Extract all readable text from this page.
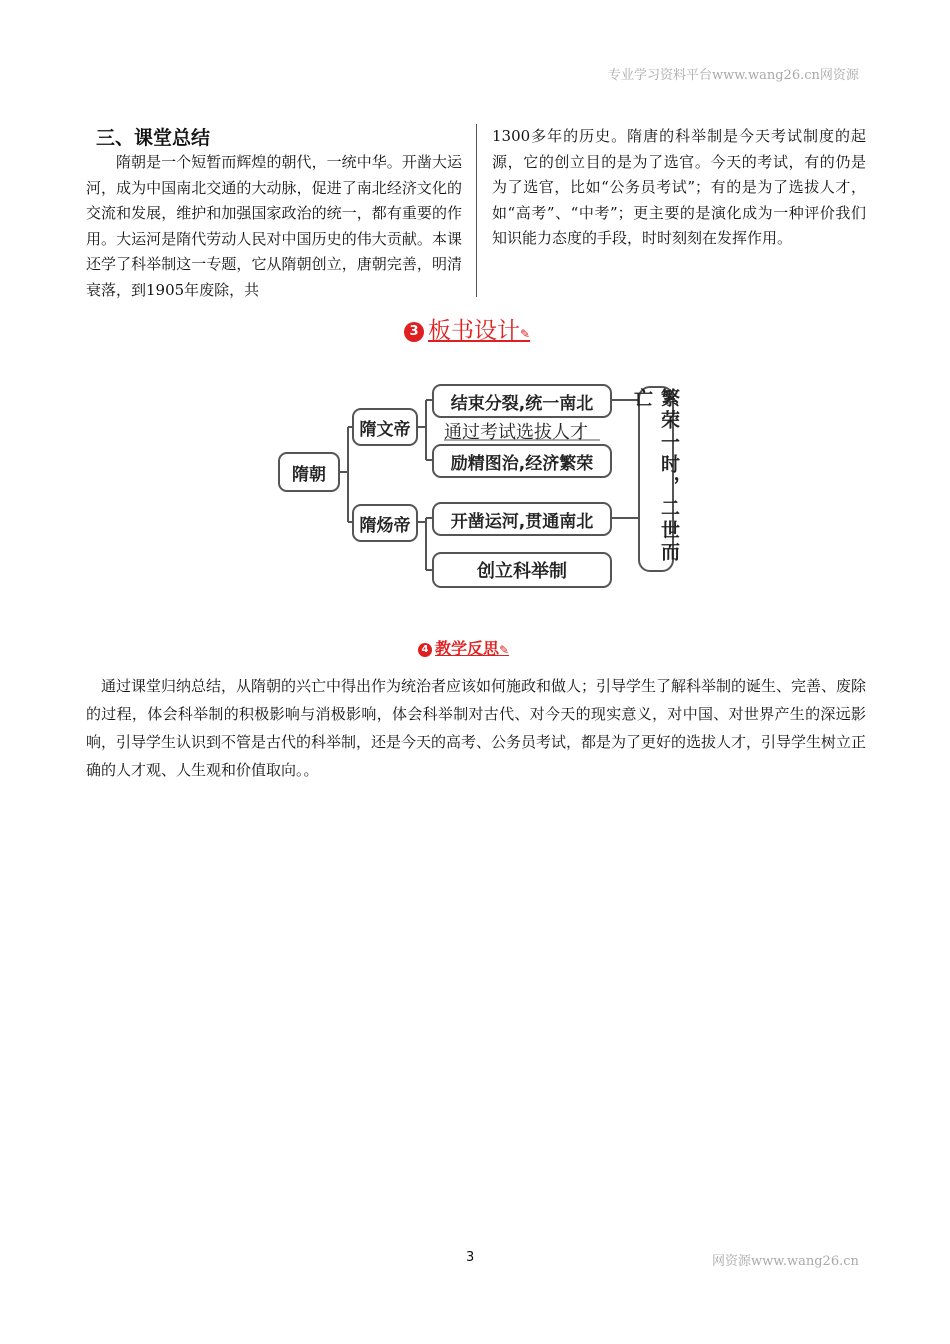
专业学习资料平台www.wang26.cn网资源

三、课堂总结

隋朝是一个短暂而辉煌的朝代，一统中华。开凿大运河，成为中国南北交通的大动脉，促进了南北经济文化的交流和发展，维护和加强国家政治的统一，都有重要的作用。大运河是隋代劳动人民对中国历史的伟大贡献。本课还学了科举制这一专题，它从隋朝创立，唐朝完善，明清衰落，到1905年废除，共

1300多年的历史。隋唐的科举制是今天考试制度的起源，它的创立目的是为了选官。今天的考试，有的仍是为了选官，比如“公务员考试”；有的是为了选拔人才，如“高考”、“中考”；更主要的是演化成为一种评价我们知识能力态度的手段，时时刻刻在发挥作用。

3 板书设计✎
隋朝
隋文帝
隋炀帝
结束分裂,统一南北
通过考试选拔人才
励精图治,经济繁荣
开凿运河,贯通南北
创立科举制
繁荣一时，二世而亡
4 教学反思✎

通过课堂归纳总结，从隋朝的兴亡中得出作为统治者应该如何施政和做人；引导学生了解科举制的诞生、完善、废除的过程，体会科举制的积极影响与消极影响，体会科举制对古代、对今天的现实意义，对中国、对世界产生的深远影响，引导学生认识到不管是古代的科举制，还是今天的高考、公务员考试，都是为了更好的选拔人才，引导学生树立正确的人才观、人生观和价值取向。。

3	网资源www.wang26.cn
